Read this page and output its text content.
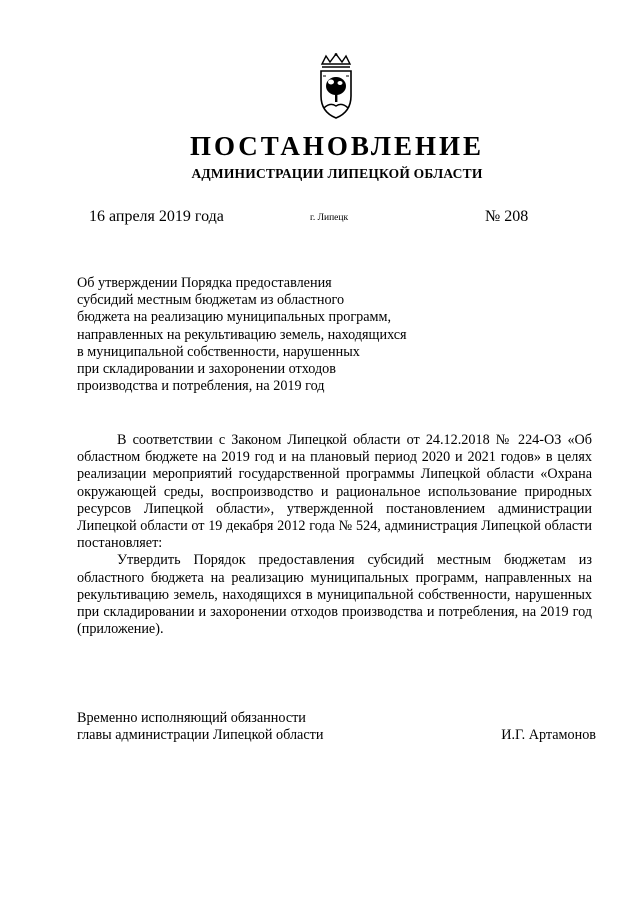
ПОСТАНОВЛЕНИЕ
АДМИНИСТРАЦИИ ЛИПЕЦКОЙ ОБЛАСТИ
16 апреля 2019 года	г. Липецк	№ 208
Об утверждении Порядка предоставления
субсидий местным бюджетам из областного
бюджета на реализацию муниципальных программ,
направленных на рекультивацию земель, находящихся
в муниципальной собственности, нарушенных
при складировании и захоронении отходов
производства и потребления, на 2019 год

В соответствии с Законом Липецкой области от 24.12.2018 № 224-ОЗ «Об областном бюджете на 2019 год и на плановый период 2020 и 2021 годов» в целях реализации мероприятий государственной программы Липецкой области «Охрана окружающей среды, воспроизводство и рациональное использование природных ресурсов Липецкой области», утвержденной постановлением администрации Липецкой области от 19 декабря 2012 года № 524, администрация Липецкой области постановляет:

Утвердить Порядок предоставления субсидий местным бюджетам из областного бюджета на реализацию муниципальных программ, направленных на рекультивацию земель, находящихся в муниципальной собственности, нарушенных при складировании и захоронении отходов производства и потребления, на 2019 год (приложение).

Временно исполняющий обязанности
главы администрации Липецкой области	И.Г. Артамонов
